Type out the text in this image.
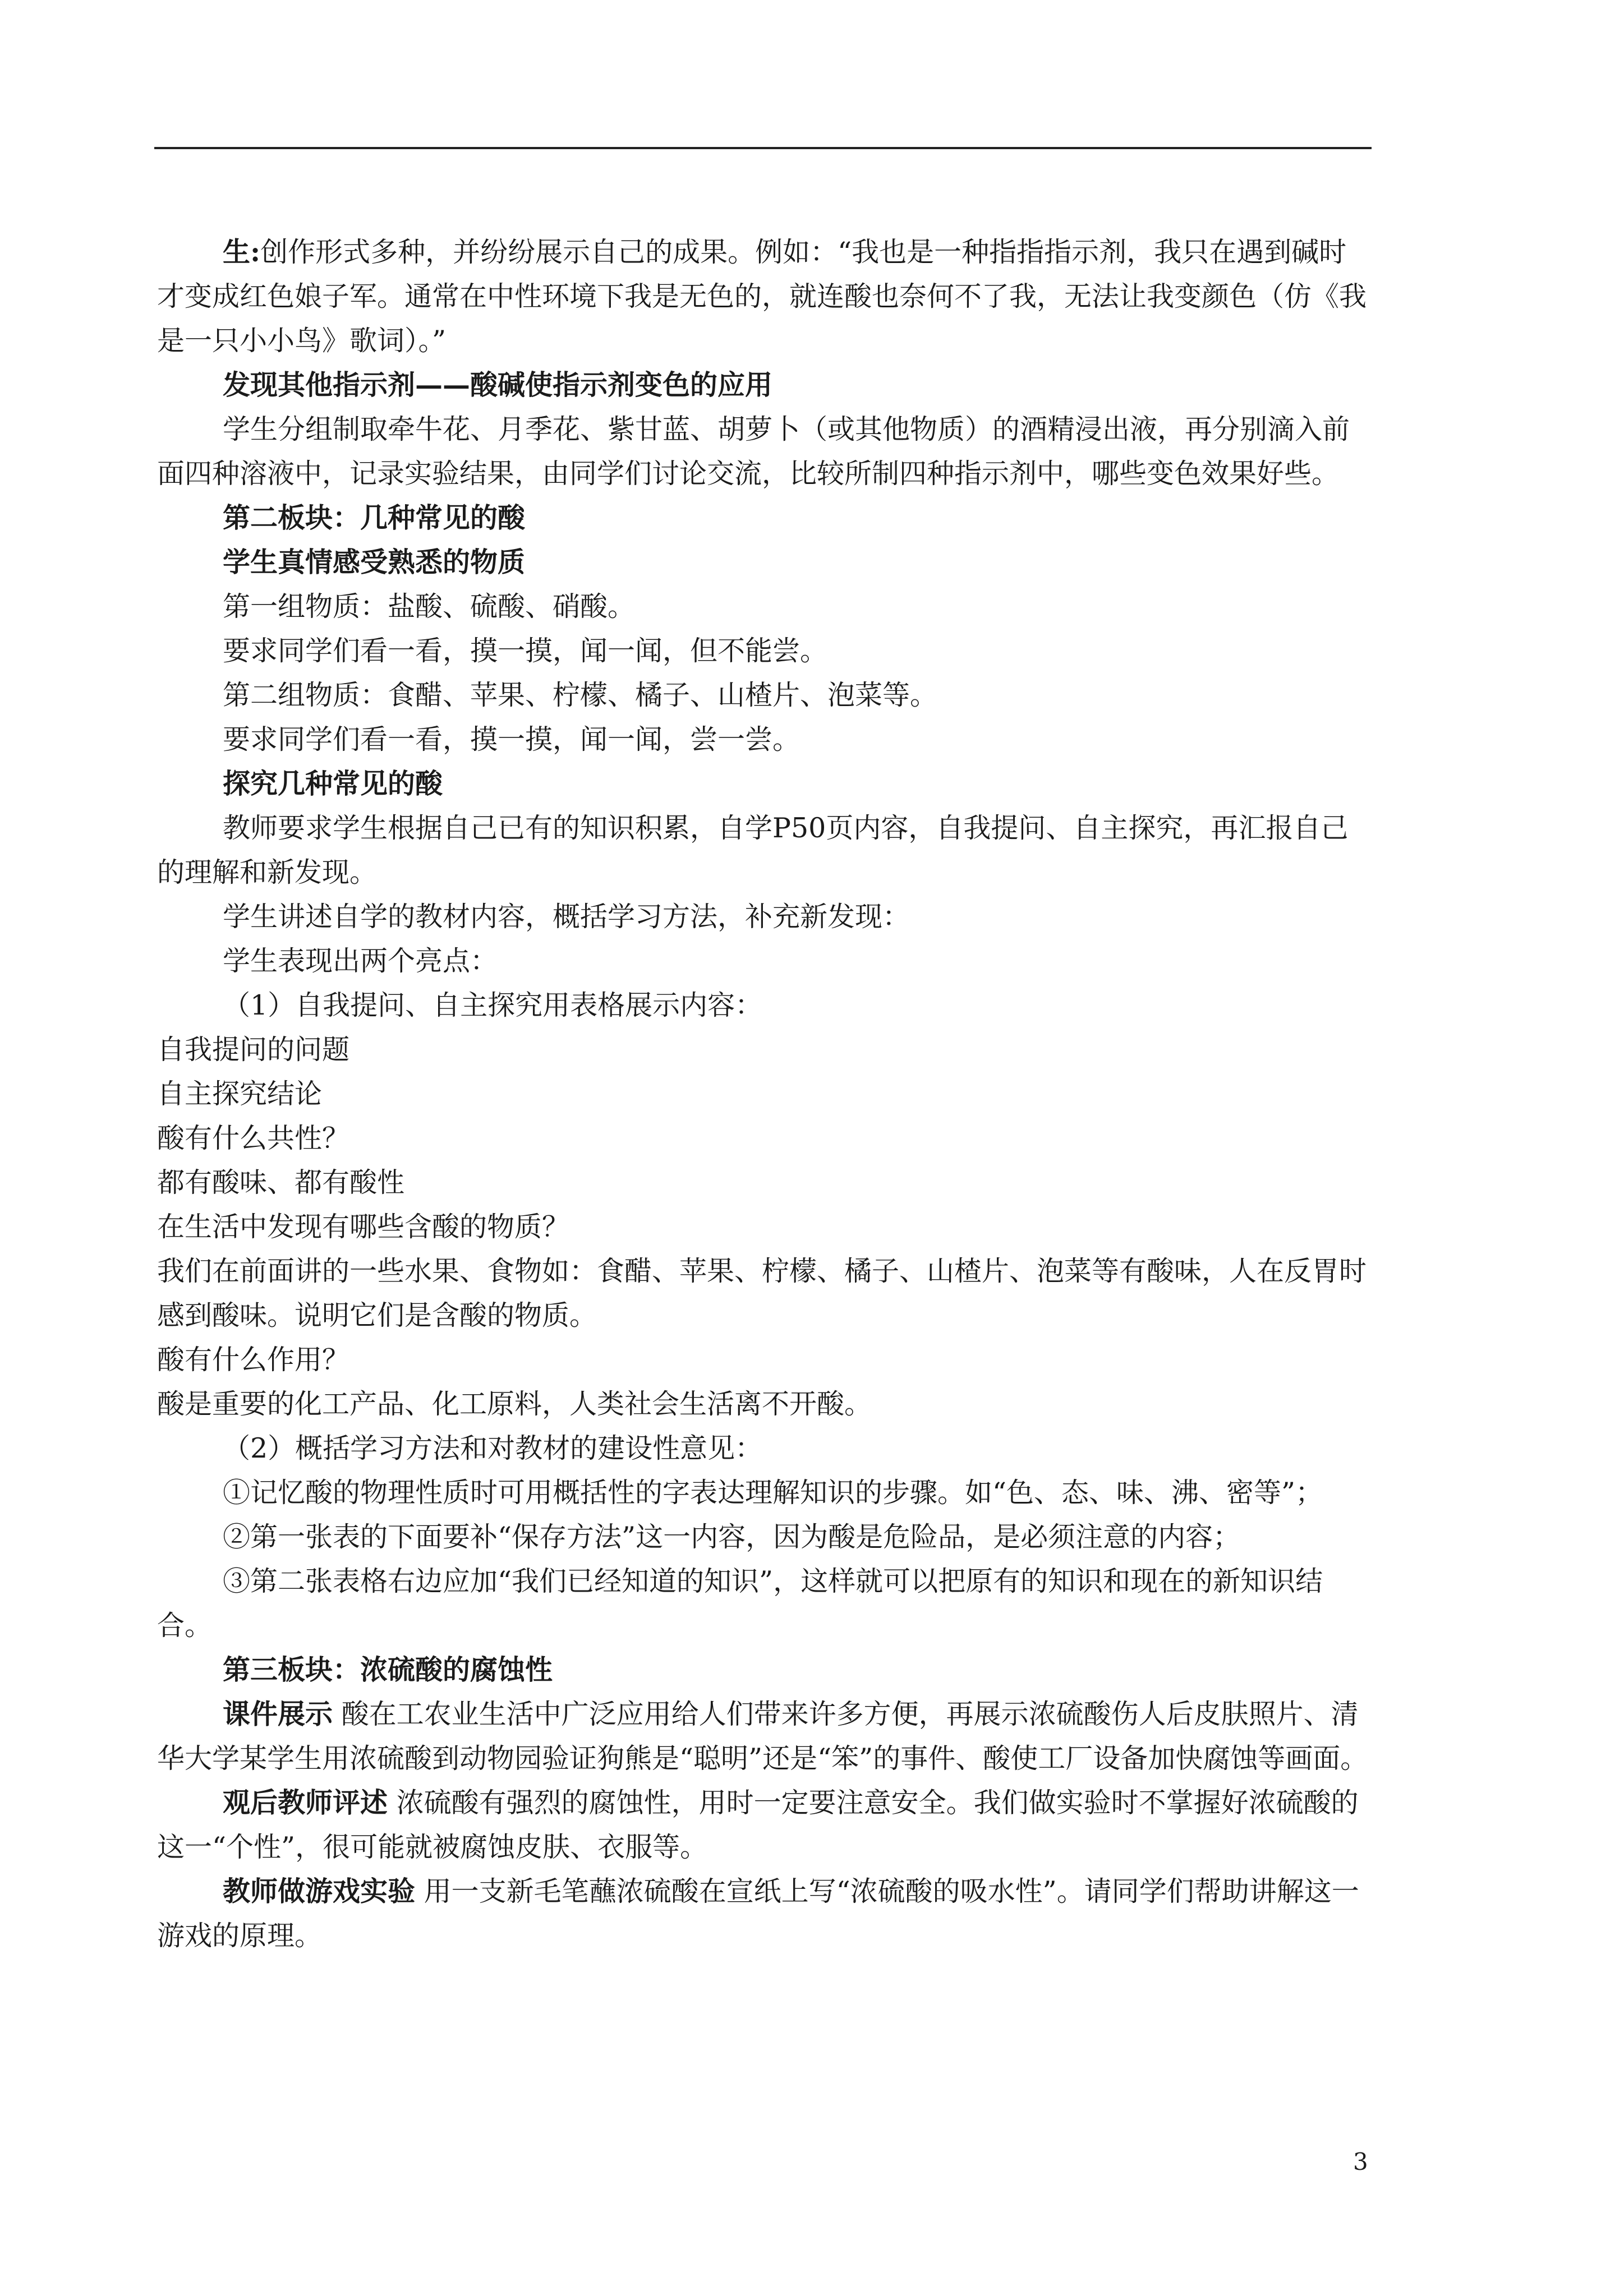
生:创作形式多种，并纷纷展示自己的成果。例如：“我也是一种指指指示剂，我只在遇到碱时才变成红色娘子军。通常在中性环境下我是无色的，就连酸也奈何不了我，无法让我变颜色（仿《我是一只小小鸟》歌词）。”

发现其他指示剂——酸碱使指示剂变色的应用

学生分组制取牵牛花、月季花、紫甘蓝、胡萝卜（或其他物质）的酒精浸出液，再分别滴入前面四种溶液中，记录实验结果，由同学们讨论交流，比较所制四种指示剂中，哪些变色效果好些。

第二板块：几种常见的酸

学生真情感受熟悉的物质

第一组物质：盐酸、硫酸、硝酸。

要求同学们看一看，摸一摸，闻一闻，但不能尝。

第二组物质：食醋、苹果、柠檬、橘子、山楂片、泡菜等。

要求同学们看一看，摸一摸，闻一闻，尝一尝。

探究几种常见的酸

教师要求学生根据自己已有的知识积累，自学P50页内容，自我提问、自主探究，再汇报自己的理解和新发现。

学生讲述自学的教材内容，概括学习方法，补充新发现：

学生表现出两个亮点：

（1）自我提问、自主探究用表格展示内容：

自我提问的问题

自主探究结论

酸有什么共性？

都有酸味、都有酸性

在生活中发现有哪些含酸的物质？

我们在前面讲的一些水果、食物如：食醋、苹果、柠檬、橘子、山楂片、泡菜等有酸味，人在反胃时感到酸味。说明它们是含酸的物质。

酸有什么作用？

酸是重要的化工产品、化工原料，人类社会生活离不开酸。

（2）概括学习方法和对教材的建设性意见：

①记忆酸的物理性质时可用概括性的字表达理解知识的步骤。如“色、态、味、沸、密等”；

②第一张表的下面要补“保存方法”这一内容，因为酸是危险品，是必须注意的内容；

③第二张表格右边应加“我们已经知道的知识”，这样就可以把原有的知识和现在的新知识结合。

第三板块：浓硫酸的腐蚀性

课件展示 酸在工农业生活中广泛应用给人们带来许多方便，再展示浓硫酸伤人后皮肤照片、清华大学某学生用浓硫酸到动物园验证狗熊是“聪明”还是“笨”的事件、酸使工厂设备加快腐蚀等画面。

观后教师评述 浓硫酸有强烈的腐蚀性，用时一定要注意安全。我们做实验时不掌握好浓硫酸的这一“个性”，很可能就被腐蚀皮肤、衣服等。

教师做游戏实验 用一支新毛笔蘸浓硫酸在宣纸上写“浓硫酸的吸水性”。请同学们帮助讲解这一游戏的原理。

3
